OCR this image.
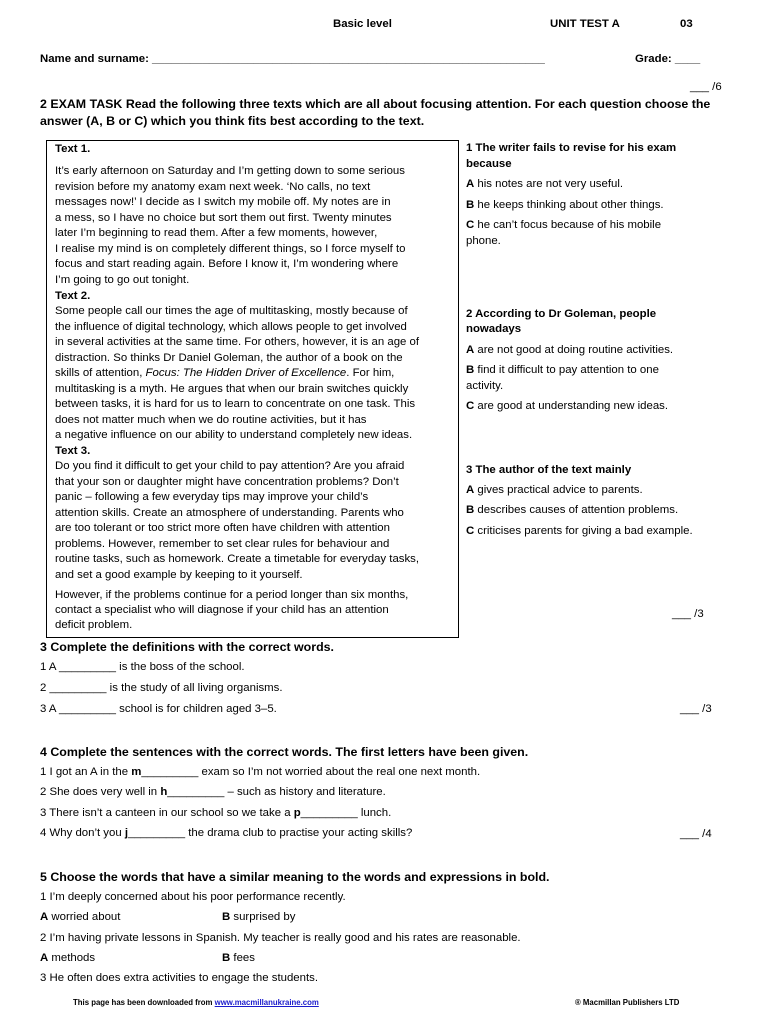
Basic level	UNIT TEST A	03
Name and surname: ______________________________________________________________	Grade: ____
___ /6
2 EXAM TASK Read the following three texts which are all about focusing attention. For each question choose the
answer (A, B or C) which you think fits best according to the text.
Text 1.
It’s early afternoon on Saturday and I’m getting down to some serious
revision before my anatomy exam next week. ‘No calls, no text
messages now!’ I decide as I switch my mobile off. My notes are in
a mess, so I have no choice but sort them out first. Twenty minutes
later I’m beginning to read them. After a few moments, however,
I realise my mind is on completely different things, so I force myself to
focus and start reading again. Before I know it, I’m wondering where
I’m going to go out tonight.
Text 2.
Some people call our times the age of multitasking, mostly because of
the influence of digital technology, which allows people to get involved
in several activities at the same time. For others, however, it is an age of
distraction. So thinks Dr Daniel Goleman, the author of a book on the
skills of attention, Focus: The Hidden Driver of Excellence. For him,
multitasking is a myth. He argues that when our brain switches quickly
between tasks, it is hard for us to learn to concentrate on one task. This
does not matter much when we do routine activities, but it has
a negative influence on our ability to understand completely new ideas.
Text 3.
Do you find it difficult to get your child to pay attention? Are you afraid
that your son or daughter might have concentration problems? Don’t
panic – following a few everyday tips may improve your child’s
attention skills. Create an atmosphere of understanding. Parents who
are too tolerant or too strict more often have children with attention
problems. However, remember to set clear rules for behaviour and
routine tasks, such as homework. Create a timetable for everyday tasks,
and set a good example by keeping to it yourself.
However, if the problems continue for a period longer than six months,
contact a specialist who will diagnose if your child has an attention
deficit problem.
1 The writer fails to revise for his exam
because
A his notes are not very useful.
B he keeps thinking about other things.
C he can’t focus because of his mobile
phone.
2 According to Dr Goleman, people
nowadays
A are not good at doing routine activities.
B find it difficult to pay attention to one
activity.
C are good at understanding new ideas.
3 The author of the text mainly
A gives practical advice to parents.
B describes causes of attention problems.
C criticises parents for giving a bad example.
___ /3
3 Complete the definitions with the correct words.
1 A _________ is the boss of the school.
2 _________ is the study of all living organisms.
3 A _________ school is for children aged 3–5.	___ /3
4 Complete the sentences with the correct words. The first letters have been given.
1 I got an A in the m_________ exam so I’m not worried about the real one next month.
2 She does very well in h_________ – such as history and literature.
3 There isn’t a canteen in our school so we take a p_________ lunch.
4 Why don’t you j_________ the drama club to practise your acting skills?	___ /4
5 Choose the words that have a similar meaning to the words and expressions in bold.
1 I’m deeply concerned about his poor performance recently.
A worried about	B surprised by
2 I’m having private lessons in Spanish. My teacher is really good and his rates are reasonable.
A methods	B fees
3 He often does extra activities to engage the students.
This page has been downloaded from www.macmillanukraine.com	® Macmillan Publishers LTD
